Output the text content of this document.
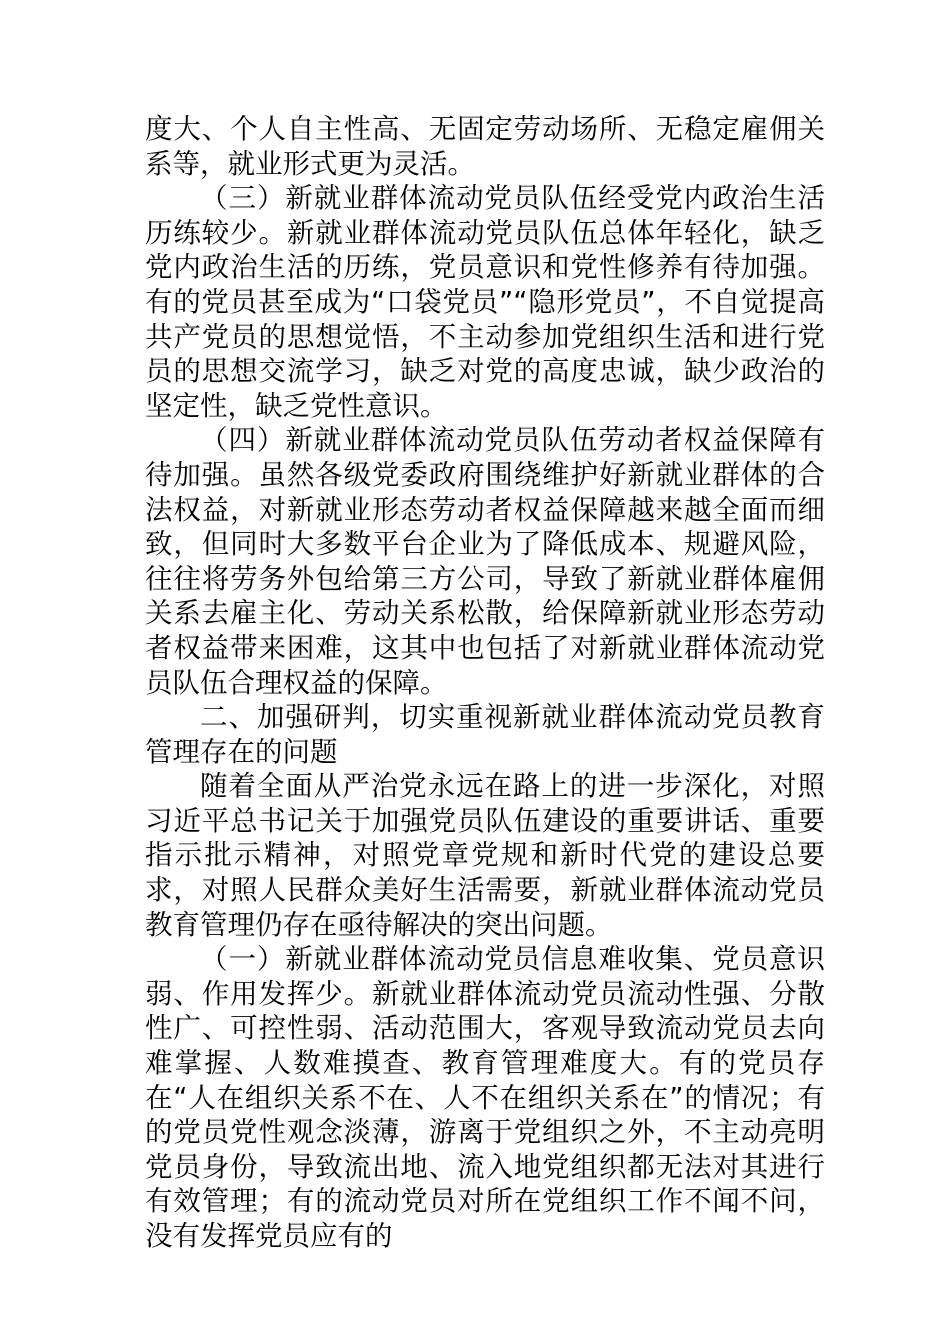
度大、个人自主性高、无固定劳动场所、无稳定雇佣关系等，就业形式更为灵活。

（三）新就业群体流动党员队伍经受党内政治生活历练较少。新就业群体流动党员队伍总体年轻化，缺乏党内政治生活的历练，党员意识和党性修养有待加强。有的党员甚至成为“口袋党员”“隐形党员”，不自觉提高共产党员的思想觉悟，不主动参加党组织生活和进行党员的思想交流学习，缺乏对党的高度忠诚，缺少政治的坚定性，缺乏党性意识。

（四）新就业群体流动党员队伍劳动者权益保障有待加强。虽然各级党委政府围绕维护好新就业群体的合法权益，对新就业形态劳动者权益保障越来越全面而细致，但同时大多数平台企业为了降低成本、规避风险，往往将劳务外包给第三方公司，导致了新就业群体雇佣关系去雇主化、劳动关系松散，给保障新就业形态劳动者权益带来困难，这其中也包括了对新就业群体流动党员队伍合理权益的保障。

二、加强研判，切实重视新就业群体流动党员教育管理存在的问题

随着全面从严治党永远在路上的进一步深化，对照习近平总书记关于加强党员队伍建设的重要讲话、重要指示批示精神，对照党章党规和新时代党的建设总要求，对照人民群众美好生活需要，新就业群体流动党员教育管理仍存在亟待解决的突出问题。

（一）新就业群体流动党员信息难收集、党员意识弱、作用发挥少。新就业群体流动党员流动性强、分散性广、可控性弱、活动范围大，客观导致流动党员去向难掌握、人数难摸查、教育管理难度大。有的党员存在“人在组织关系不在、人不在组织关系在”的情况；有的党员党性观念淡薄，游离于党组织之外，不主动亮明党员身份，导致流出地、流入地党组织都无法对其进行有效管理；有的流动党员对所在党组织工作不闻不问，没有发挥党员应有的
